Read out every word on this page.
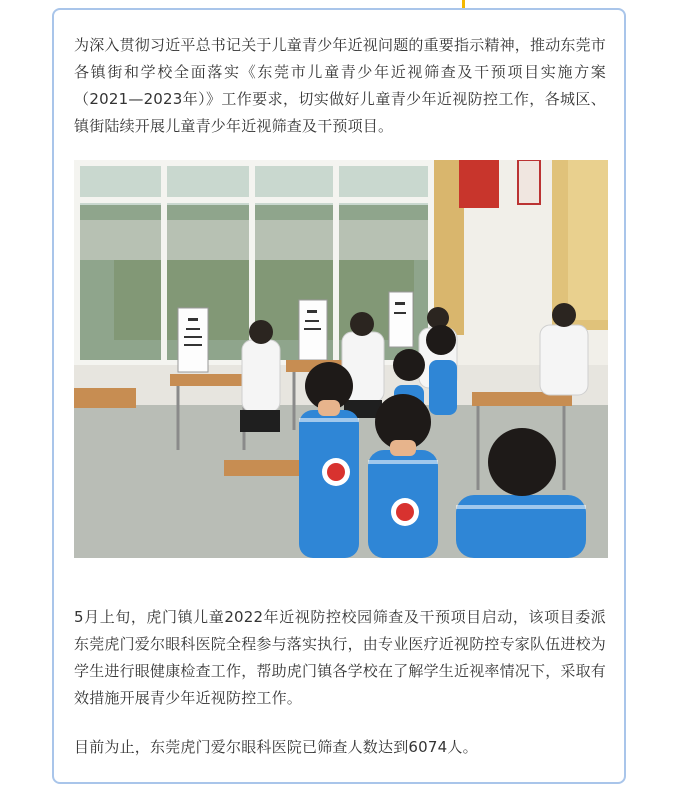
为深入贯彻习近平总书记关于儿童青少年近视问题的重要指示精神，推动东莞市各镇街和学校全面落实《东莞市儿童青少年近视筛查及干预项目实施方案（2021—2023年）》工作要求，切实做好儿童青少年近视防控工作，各城区、镇街陆续开展儿童青少年近视筛查及干预项目。

5月上旬，虎门镇儿童2022年近视防控校园筛查及干预项目启动，该项目委派东莞虎门爱尔眼科医院全程参与落实执行，由专业医疗近视防控专家队伍进校为学生进行眼健康检查工作，帮助虎门镇各学校在了解学生近视率情况下，采取有效措施开展青少年近视防控工作。

目前为止，东莞虎门爱尔眼科医院已筛查人数达到6074人。
